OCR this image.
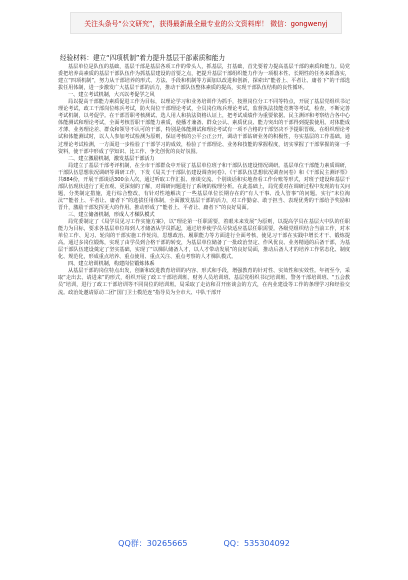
关注头条号“公文研究”，获得最新最全最专业的公文资料库！ 微信：gongwenyj
经验材料：建立“四项机制”着力提升基层干部素质和能力

基层单位是队伍的基础，基层干部是基层各项工作的带头人，抓基层，打基础，首先要着力提高基层干部的素质和能力。局党委把培养高素质的基层干部队伍作为抓基层建设的首要之点，把提升基层干部组织能力作为一项根本性、长期性的任务来抓落实，建立“四项机制”，努力从干部培养的形式、方法、手段和机制等方面加以改进和创新，探索出“能者上、平者让、庸者下”的干部选拔任用体制，进一步激发广大基层干部的活力，推动干部队伍整体素质的提高，实现干部队伍结构的良性循环。

一、建立考试机制，大兴以考促学之风

局以提高干部能力素质促进工作为目标，以理论学习和业务培训作为抓手，按照岗位分工不同等特点，开展了基层党组织书记理论考试，政工干部岗位练兵考试，防火岗位干部理论考试，全员岗位练兵理论考试，监督执法技能竞赛等考试，检查，不断完善考试机制，以考促学。在干部晋职考核测试、选人用人和执法资格认证上，把考试成绩作为重要依据。民主测评和考察结合各中心体能测试和理论考试，全面考核晋职干部能力素质，使播才兼备、群众公认、素质优良、能力突出的干部得到提拔使用。对体能成才薄、业务理论差、群众和领导不认可的干部，特别是体能测试和理论考试有一项不合格的干部坚决不予提职晋级。在组织理论考试和体能测试时，以人人参加考试检测为原则，保证考核的公平公正公开，调动干部钻研业务的积极性，夯实基层的工作基础。通过理论考试检测，一方面进一步检验了干部学习的成效，检验了干部理论、业务和技能的掌握程度，切实掌握了干部掌握的第一手资料，使干部中形成了学知识、比工作、争先创优的良好氛围。

二、建立激励机制，激发基层干部活力

局建立了基层干部考评机制，在全市干部群众中开展了基层单位班子和干部队伍建设情况调研。基层单位干部能力素质调研，干部队伍思想状况调研等调研工作，下发《局关于干部队伍建设调查问卷》、《干部队伍思想状况调查问卷》和《干部民主测评票》共884份，开展干部谈话300余人次，通过听取工作汇报、座谈交流、个别谈话和实地查看工作台账等形式，对班子建设和基层干部队伍现状进行了更直观、更深刻的了解，对调研问题进行了系统的梳理分析。在此基础上，局党委对在调研过程中发现的有关问题，分类制定措施，进行综合整改，有针对性地解决了一些基层单位长期存在的“有人干事、没人管事”的问题。实行“末位淘汰”“能者上、平者让、庸者下”的选拔任用体制，全面激发基层干部的活力，对工作勤奋、敢于担当、表现优秀的干部给予奖励和晋升，激励干部发挥更大的作用。推动形成了“能者上、平者让、庸者下”的良好局面。

三、建立储备机制，形成人才梯队模式

局党委制定了《局学员见习工作实施方案》，以“理论第一任职需要，着眼未来发展”为原则，以提高学员在基层大中队的任职能力为目标，要求各基层单位每到人才储备从学员抓起，通过培养使学员尽快适应基层任职需要。各级党组织结合当前工作，对本单位工作、见习、轮岗的干部实施工作轮岗，思想政治、履职能力等方面进行全面考核，使见习干部在实践中增长才干、锻炼提高。通过多岗位锻炼，实现了由学员到合格干部的转变，为基层单位储备了一批政治坚定、作风优良、业务精通的后备干部，为基层干部队伍建设奠定了坚实基础，实现了“以梯队储备人才，以人才带动发展”的良好局面，推动后备人才的培养工作常态化、制度化、规范化，形成重点培养、重点使用、重点关注、重点考察的人才梯队模式。

四、建立培训机制，构建岗位锻炼体系

从基层干部的岗位特点出发，创新和改进教育培训的内容、形式和手段，增强教育的针对性、实效性和实效性。年初至今，采取“走出去、请进来”的形式，组织开展了政工干部培训班、财务人员培训班、基层党组织书记培训班、警务干部培训班、“五会教员”培训，进行了政工干部培训等不同岗位的培训班。局采取了走访和召开座谈会的方式，在内业建设等工作的条理学习和经验交流。政治处邀请原动二团“国门卫士模范连”指导员为全市大、中队干部开

QQ群：30265665	QQ：535304092
